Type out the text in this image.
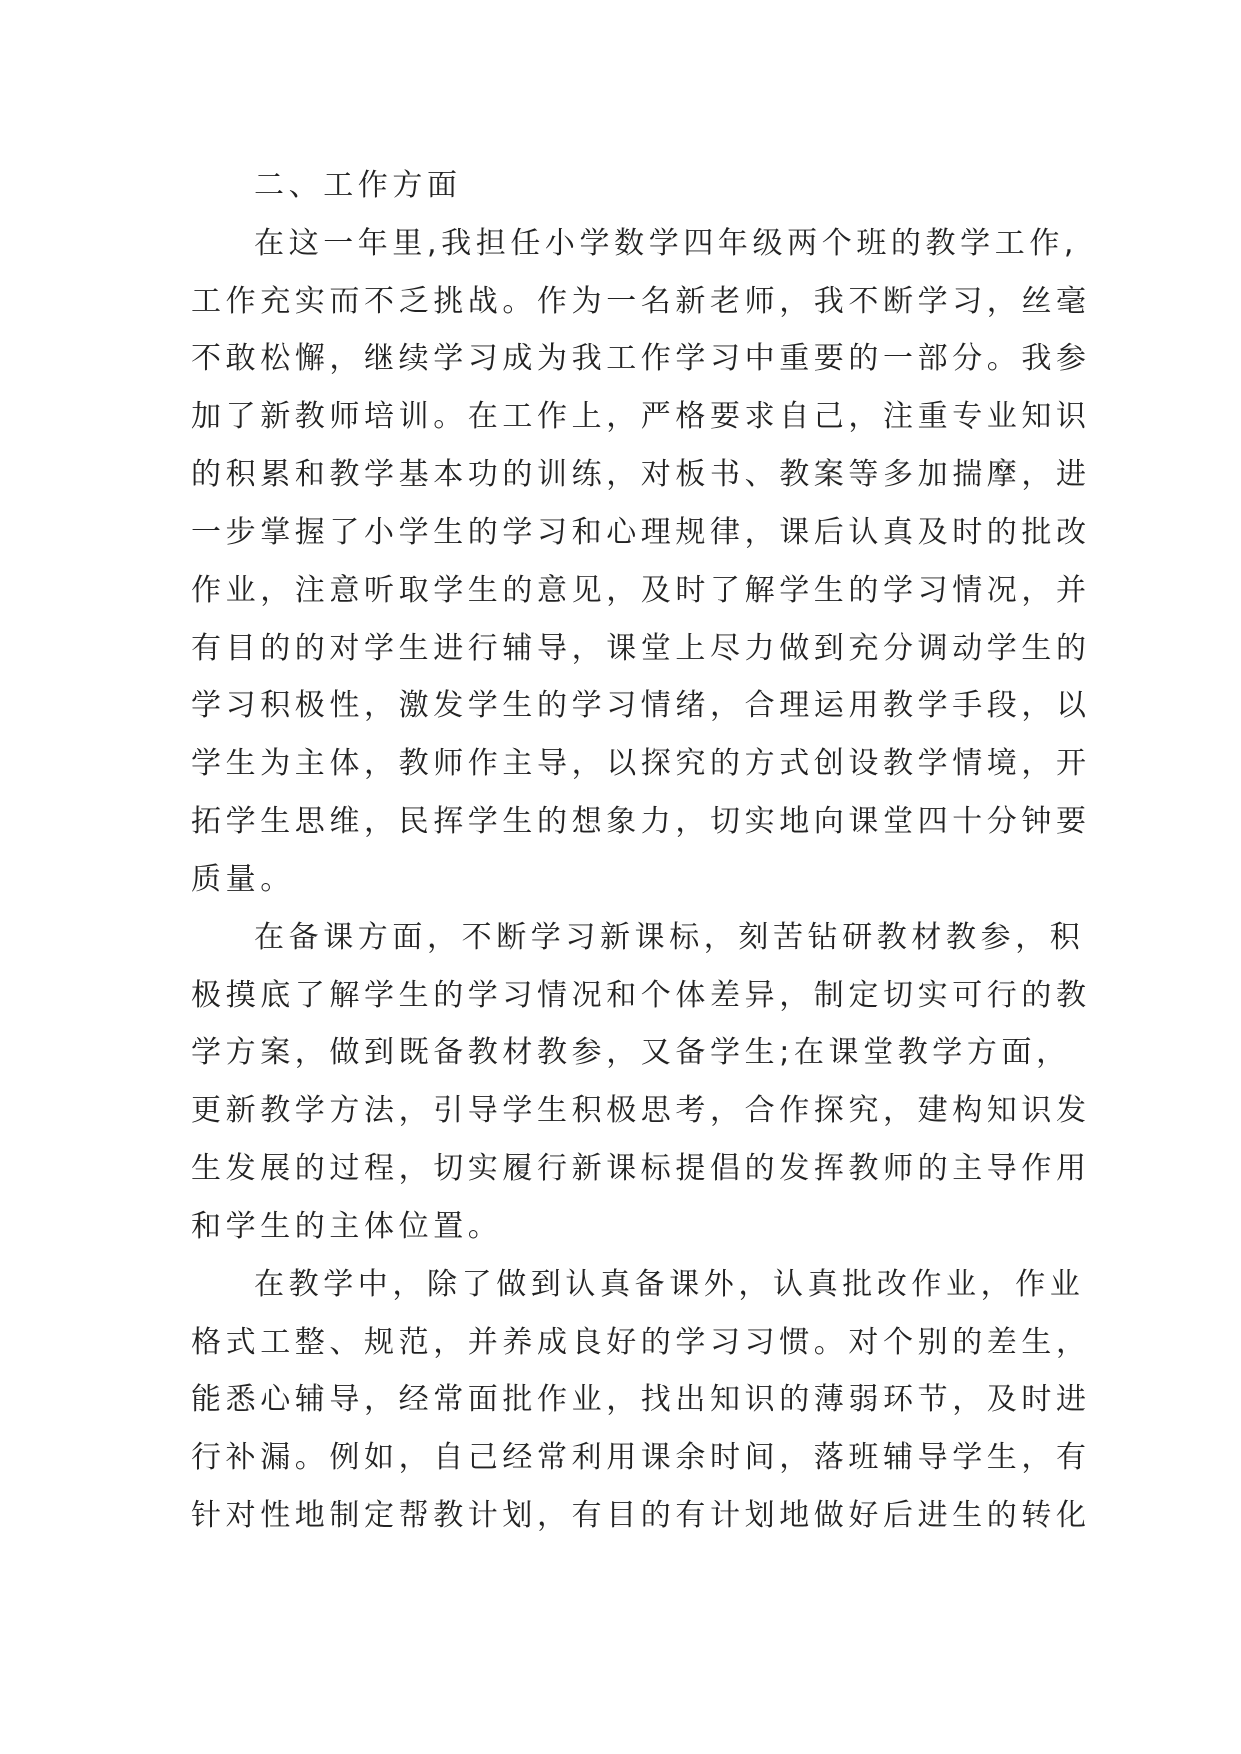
二、工作方面
在这一年里,我担任小学数学四年级两个班的教学工作,
工作充实而不乏挑战。作为一名新老师，我不断学习，丝毫
不敢松懈，继续学习成为我工作学习中重要的一部分。我参
加了新教师培训。在工作上，严格要求自己，注重专业知识
的积累和教学基本功的训练，对板书、教案等多加揣摩，进
一步掌握了小学生的学习和心理规律，课后认真及时的批改
作业，注意听取学生的意见，及时了解学生的学习情况，并
有目的的对学生进行辅导，课堂上尽力做到充分调动学生的
学习积极性，激发学生的学习情绪，合理运用教学手段，以
学生为主体，教师作主导，以探究的方式创设教学情境，开
拓学生思维，民挥学生的想象力，切实地向课堂四十分钟要
质量。
在备课方面，不断学习新课标，刻苦钻研教材教参，积
极摸底了解学生的学习情况和个体差异，制定切实可行的教
学方案，做到既备教材教参，又备学生;在课堂教学方面，
更新教学方法，引导学生积极思考，合作探究，建构知识发
生发展的过程，切实履行新课标提倡的发挥教师的主导作用
和学生的主体位置。
在教学中，除了做到认真备课外，认真批改作业，作业
格式工整、规范，并养成良好的学习习惯。对个别的差生，
能悉心辅导，经常面批作业，找出知识的薄弱环节，及时进
行补漏。例如，自己经常利用课余时间，落班辅导学生，有
针对性地制定帮教计划，有目的有计划地做好后进生的转化
